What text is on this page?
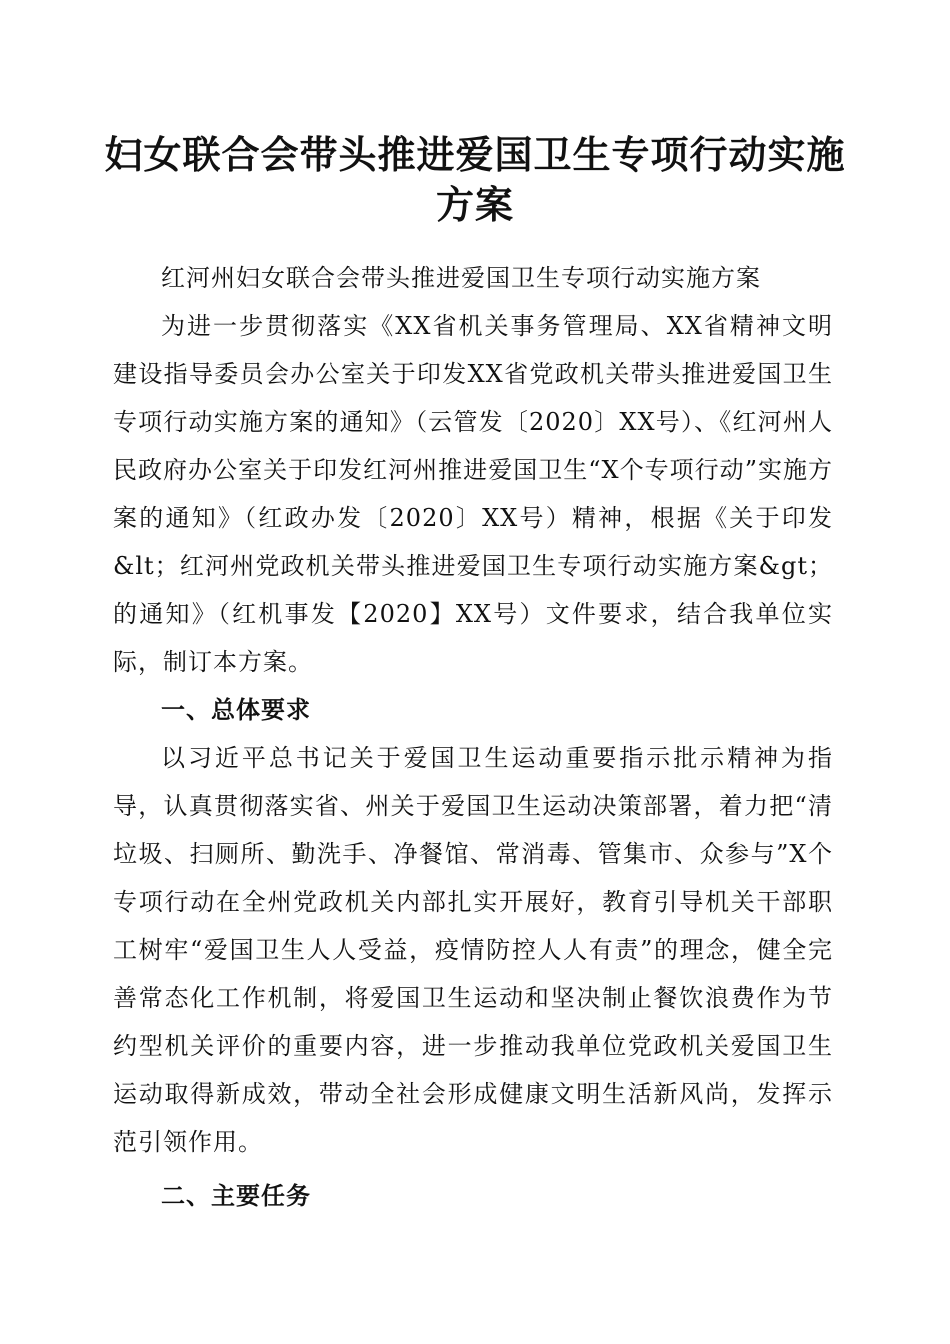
妇女联合会带头推进爱国卫生专项行动实施方案

红河州妇女联合会带头推进爱国卫生专项行动实施方案

为进一步贯彻落实《XX省机关事务管理局、XX省精神文明建设指导委员会办公室关于印发XX省党政机关带头推进爱国卫生专项行动实施方案的通知》（云管发〔2020〕XX号）、《红河州人民政府办公室关于印发红河州推进爱国卫生“X个专项行动”实施方案的通知》（红政办发〔2020〕XX号）精神，根据《关于印发&lt；红河州党政机关带头推进爱国卫生专项行动实施方案&gt；的通知》（红机事发【2020】XX号）文件要求，结合我单位实际，制订本方案。

一、总体要求

以习近平总书记关于爱国卫生运动重要指示批示精神为指导，认真贯彻落实省、州关于爱国卫生运动决策部署，着力把“清垃圾、扫厕所、勤洗手、净餐馆、常消毒、管集市、众参与”X个专项行动在全州党政机关内部扎实开展好，教育引导机关干部职工树牢“爱国卫生人人受益，疫情防控人人有责”的理念，健全完善常态化工作机制，将爱国卫生运动和坚决制止餐饮浪费作为节约型机关评价的重要内容，进一步推动我单位党政机关爱国卫生运动取得新成效，带动全社会形成健康文明生活新风尚，发挥示范引领作用。

二、主要任务
